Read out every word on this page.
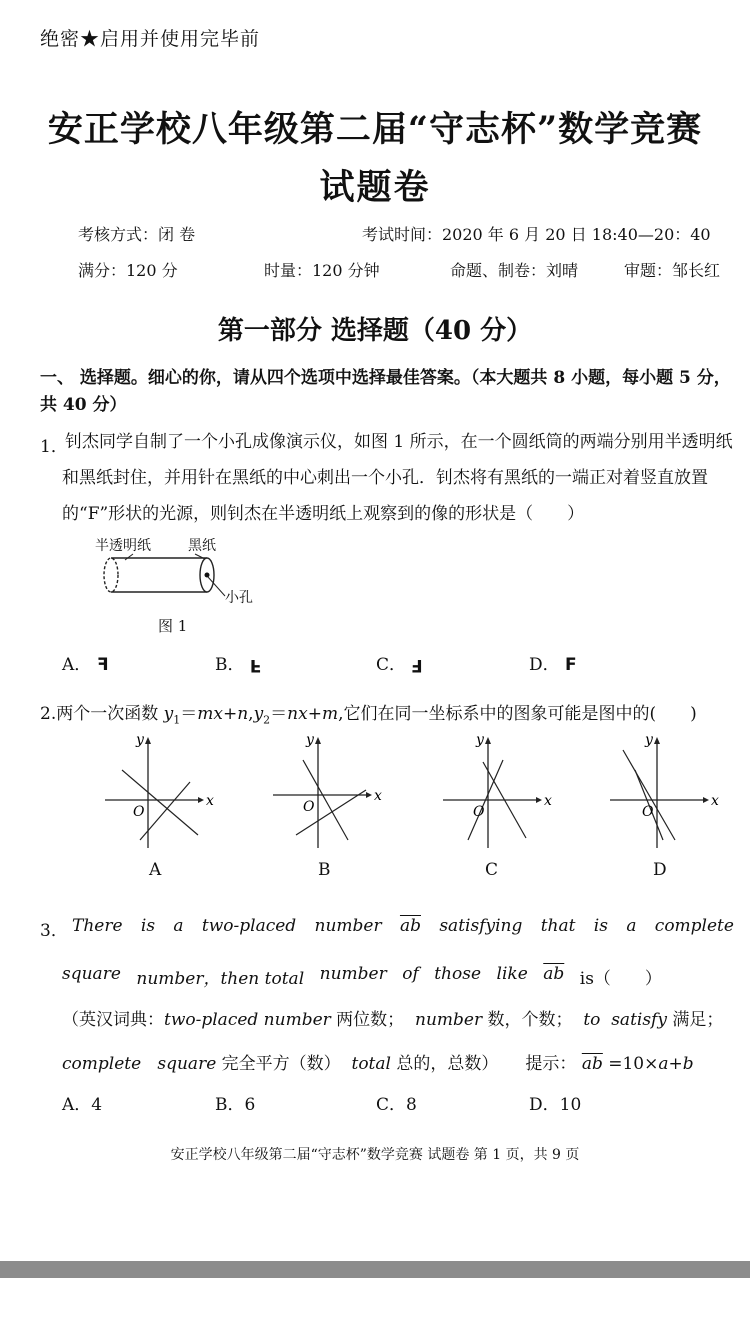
绝密★启用并使用完毕前
安正学校八年级第二届“守志杯”数学竞赛
试题卷
考核方式：闭 卷	考试时间：2020 年 6 月 20 日 18:40—20：40
满分：120 分	时量：120 分钟	命题、制卷：刘晴	审题：邹长红
第一部分 选择题（40 分）
一、 选择题。细心的你，请从四个选项中选择最佳答案。（本大题共 8 小题，每小题 5 分，共 40 分）
1．
钊杰同学自制了一个小孔成像演示仪，如图 1 所示，在一个圆纸筒的两端分别用半透明纸和黑纸封住，并用针在黑纸的中心刺出一个小孔．钊杰将有黑纸的一端正对着竖直放置的“F”形状的光源，则钊杰在半透明纸上观察到的像的形状是（　　）
半透明纸	黑纸
小孔
图 1
A． F	B． F	C． F	D． F
2.两个一次函数 $y_1=mx+n,y_2=nx+m$,它们在同一坐标系中的图象可能是图中的(　　)
x
y
O
x
y
O	x
y
O
x
y
O
A	B	C	D
3． There is a two‐placed number $\overline{ab}$ satisfying that is a complete
square number，then total number of those like $\overline{ab}$ is（　　）
（英汉词典：two‐placed number 两位数； number 数，个数； to satisfy 满足；
complete square 完全平方（数） total 总的，总数） 提示： $\overline{ab} =10\times a+b$
A．4	B．6	C．8	D．10
安正学校八年级第二届“守志杯”数学竞赛 试题卷 第 1 页，共 9 页
